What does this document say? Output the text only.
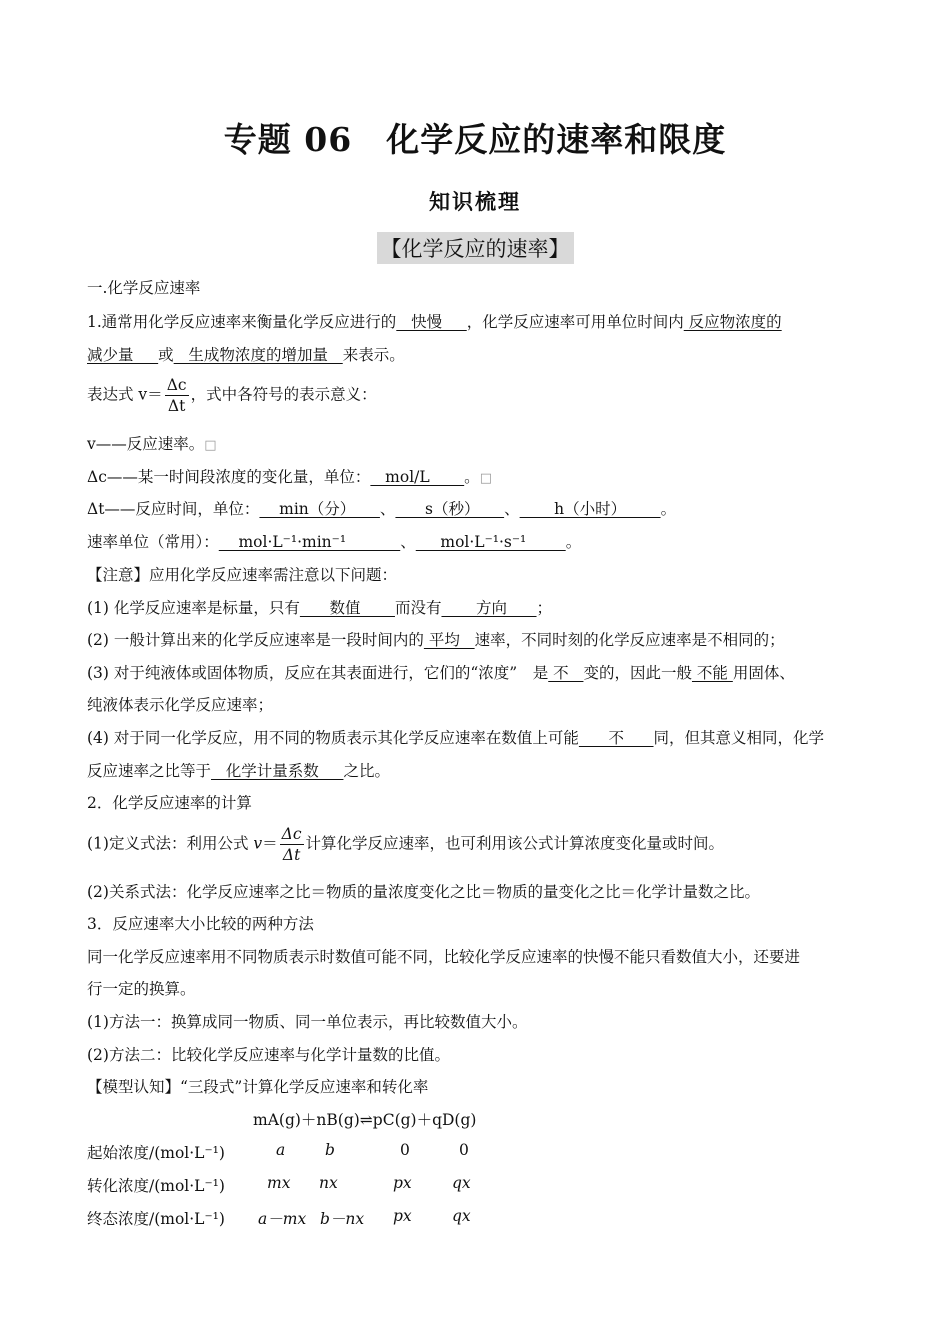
专题 06　化学反应的速率和限度
知识梳理
【化学反应的速率】
一.化学反应速率
1.通常用化学反应速率来衡量化学反应进行的   快慢     ，化学反应速率可用单位时间内 反应物浓度的
减少量     或   生成物浓度的增加量   来表示。
表达式 $v= \frac{\Delta c}{\Delta t}$ ，式中各符号的表示意义：
v——反应速率。□
Δc——某一时间段浓度的变化量，单位：   mol/L       。□
Δt——反应时间，单位：    min（分）     、      s（秒）     、       h（小时）       。
速率单位（常用）：    mol·L⁻¹·min⁻¹           、     mol·L⁻¹·s⁻¹        。
【注意】应用化学反应速率需注意以下问题：
(1) 化学反应速率是标量，只有      数值       而没有       方向      ；
(2) 一般计算出来的化学反应速率是一段时间内的 平均   速率，不同时刻的化学反应速率是不相同的；
(3) 对于纯液体或固体物质，反应在其表面进行，它们的“浓度”　是 不   变的，因此一般 不能 用固体、
纯液体表示化学反应速率；
(4) 对于同一化学反应，用不同的物质表示其化学反应速率在数值上可能      不      同，但其意义相同，化学
反应速率之比等于   化学计量系数     之比。
2．化学反应速率的计算
(1)定义式法：利用公式 $v= \frac{\Delta c}{\Delta t}$ 计算化学反应速率，也可利用该公式计算浓度变化量或时间。
(2)关系式法：化学反应速率之比＝物质的量浓度变化之比＝物质的量变化之比＝化学计量数之比。
3．反应速率大小比较的两种方法
同一化学反应速率用不同物质表示时数值可能不同，比较化学反应速率的快慢不能只看数值大小，还要进
行一定的换算。
(1)方法一：换算成同一物质、同一单位表示，再比较数值大小。
(2)方法二：比较化学反应速率与化学计量数的比值。
【模型认知】“三段式”计算化学反应速率和转化率
mA(g)＋nB(g)⇌pC(g)＋qD(g)
起始浓度/(mol·L⁻¹)	a	b	0	0
转化浓度/(mol·L⁻¹)	mx nx	px	qx
终态浓度/(mol·L⁻¹) a－mx b－nx px	qx
